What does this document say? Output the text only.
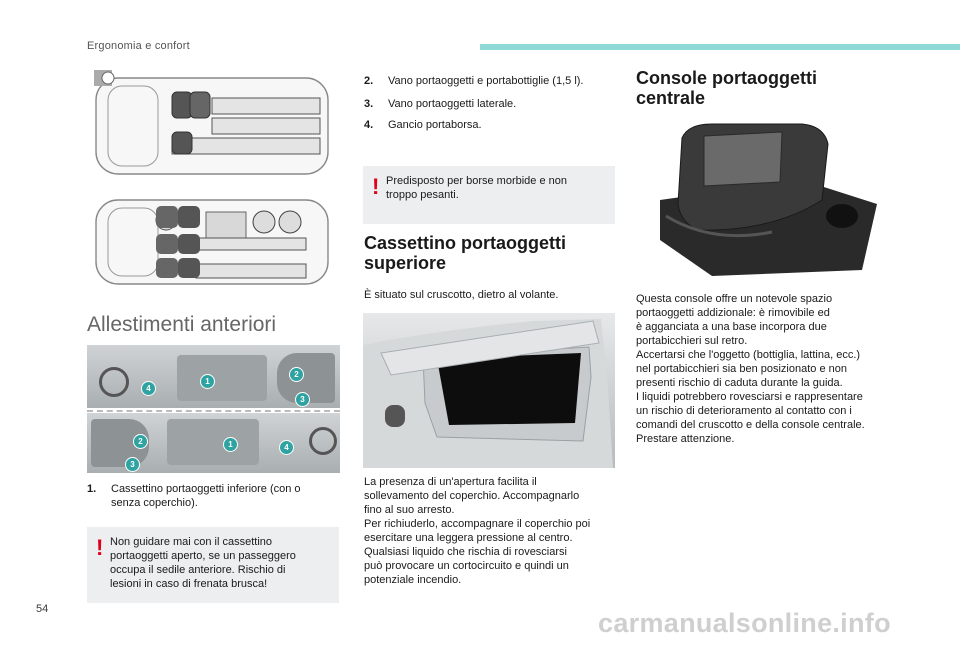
Ergonomia e confort
Allestimenti anteriori
1
2
3
4
1
2
3
4
1. Cassettino portaoggetti inferiore (con o
senza coperchio).
! Non guidare mai con il cassettino
portaoggetti aperto, se un passeggero
occupa il sedile anteriore. Rischio di
lesioni in caso di frenata brusca!
2. Vano portaoggetti e portabottiglie (1,5 l).
3. Vano portaoggetti laterale.
4. Gancio portaborsa.
! Predisposto per borse morbide e non
troppo pesanti.
Cassettino portaoggetti
superiore
È situato sul cruscotto, dietro al volante.
La presenza di un'apertura facilita il
sollevamento del coperchio. Accompagnarlo
fino al suo arresto.
Per richiuderlo, accompagnare il coperchio poi
esercitare una leggera pressione al centro.
Qualsiasi liquido che rischia di rovesciarsi
può provocare un cortocircuito e quindi un
potenziale incendio.
Console portaoggetti
centrale
Questa console offre un notevole spazio
portaoggetti addizionale: è rimovibile ed
è agganciata a una base incorpora due
portabicchieri sul retro.
Accertarsi che l'oggetto (bottiglia, lattina, ecc.)
nel portabicchieri sia ben posizionato e non
presenti rischio di caduta durante la guida.
I liquidi potrebbero rovesciarsi e rappresentare
un rischio di deterioramento al contatto con i
comandi del cruscotto e della console centrale.
Prestare attenzione.
54	carmanualsonline.info
